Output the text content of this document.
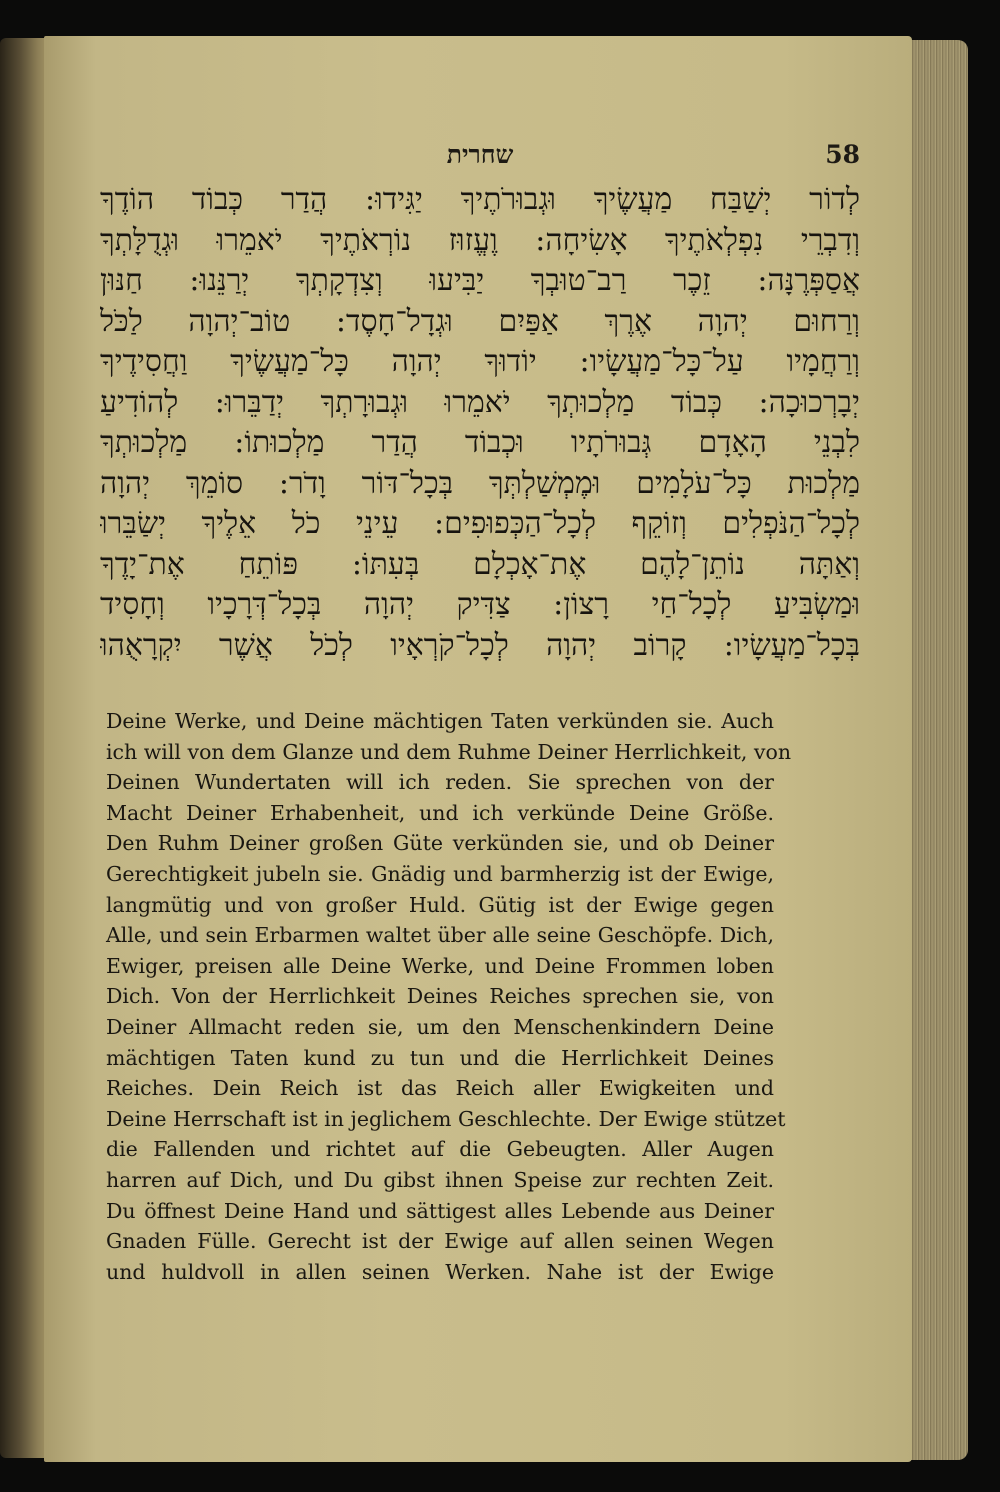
שחרית	58
לְדוֹר יְשַׁבַּח מַעֲשֶׂיךָ וּגְבוּרֹתֶיךָ יַגִּידוּ: הֲדַר כְּבוֹד הוֹדֶךָ
וְדִבְרֵי נִפְלְאֹתֶיךָ אָשִׂיחָה: וֶעֱזוּז נוֹרְאֹתֶיךָ יֹאמֵרוּ וּגְדֻלָּתְךָ
אֲסַפְּרֶנָּה: זֵכֶר רַב־טוּבְךָ יַבִּיעוּ וְצִדְקָתְךָ יְרַנֵּנוּ: חַנּוּן
וְרַחוּם יְהוָה אֶרֶךְ אַפַּיִם וּגְדָל־חָסֶד: טוֹב־יְהוָה לַכֹּל
וְרַחֲמָיו עַל־כָּל־מַעֲשָׂיו: יוֹדוּךָ יְהוָה כָּל־מַעֲשֶׂיךָ וַחֲסִידֶיךָ
יְבָרְכוּכָה: כְּבוֹד מַלְכוּתְךָ יֹאמֵרוּ וּגְבוּרָתְךָ יְדַבֵּרוּ: לְהוֹדִיעַ
לִבְנֵי הָאָדָם גְּבוּרֹתָיו וּכְבוֹד הֲדַר מַלְכוּתוֹ: מַלְכוּתְךָ
מַלְכוּת כָּל־עֹלָמִים וּמֶמְשַׁלְתְּךָ בְּכָל־דּוֹר וָדֹר: סוֹמֵךְ יְהוָה
לְכָל־הַנֹּפְלִים וְזוֹקֵף לְכָל־הַכְּפוּפִים: עֵינֵי כֹל אֵלֶיךָ יְשַׂבֵּרוּ
וְאַתָּה נוֹתֵן־לָהֶם אֶת־אָכְלָם בְּעִתּוֹ: פּוֹתֵחַ אֶת־יָדֶךָ
וּמַשְׂבִּיעַ לְכָל־חַי רָצוֹן: צַדִּיק יְהוָה בְּכָל־דְּרָכָיו וְחָסִיד
בְּכָל־מַעֲשָׂיו: קָרוֹב יְהוָה לְכָל־קֹרְאָיו לְכֹל אֲשֶׁר יִקְרָאֻהוּ
Deine Werke, und Deine mächtigen Taten verkünden sie. Auch
ich will von dem Glanze und dem Ruhme Deiner Herrlichkeit, von
Deinen Wundertaten will ich reden. Sie sprechen von der
Macht Deiner Erhabenheit, und ich verkünde Deine Größe.
Den Ruhm Deiner großen Güte verkünden sie, und ob Deiner
Gerechtigkeit jubeln sie. Gnädig und barmherzig ist der Ewige,
langmütig und von großer Huld. Gütig ist der Ewige gegen
Alle, und sein Erbarmen waltet über alle seine Geschöpfe. Dich,
Ewiger, preisen alle Deine Werke, und Deine Frommen loben
Dich. Von der Herrlichkeit Deines Reiches sprechen sie, von
Deiner Allmacht reden sie, um den Menschenkindern Deine
mächtigen Taten kund zu tun und die Herrlichkeit Deines
Reiches. Dein Reich ist das Reich aller Ewigkeiten und
Deine Herrschaft ist in jeglichem Geschlechte. Der Ewige stützet
die Fallenden und richtet auf die Gebeugten. Aller Augen
harren auf Dich, und Du gibst ihnen Speise zur rechten Zeit.
Du öffnest Deine Hand und sättigest alles Lebende aus Deiner
Gnaden Fülle. Gerecht ist der Ewige auf allen seinen Wegen
und huldvoll in allen seinen Werken. Nahe ist der Ewige
